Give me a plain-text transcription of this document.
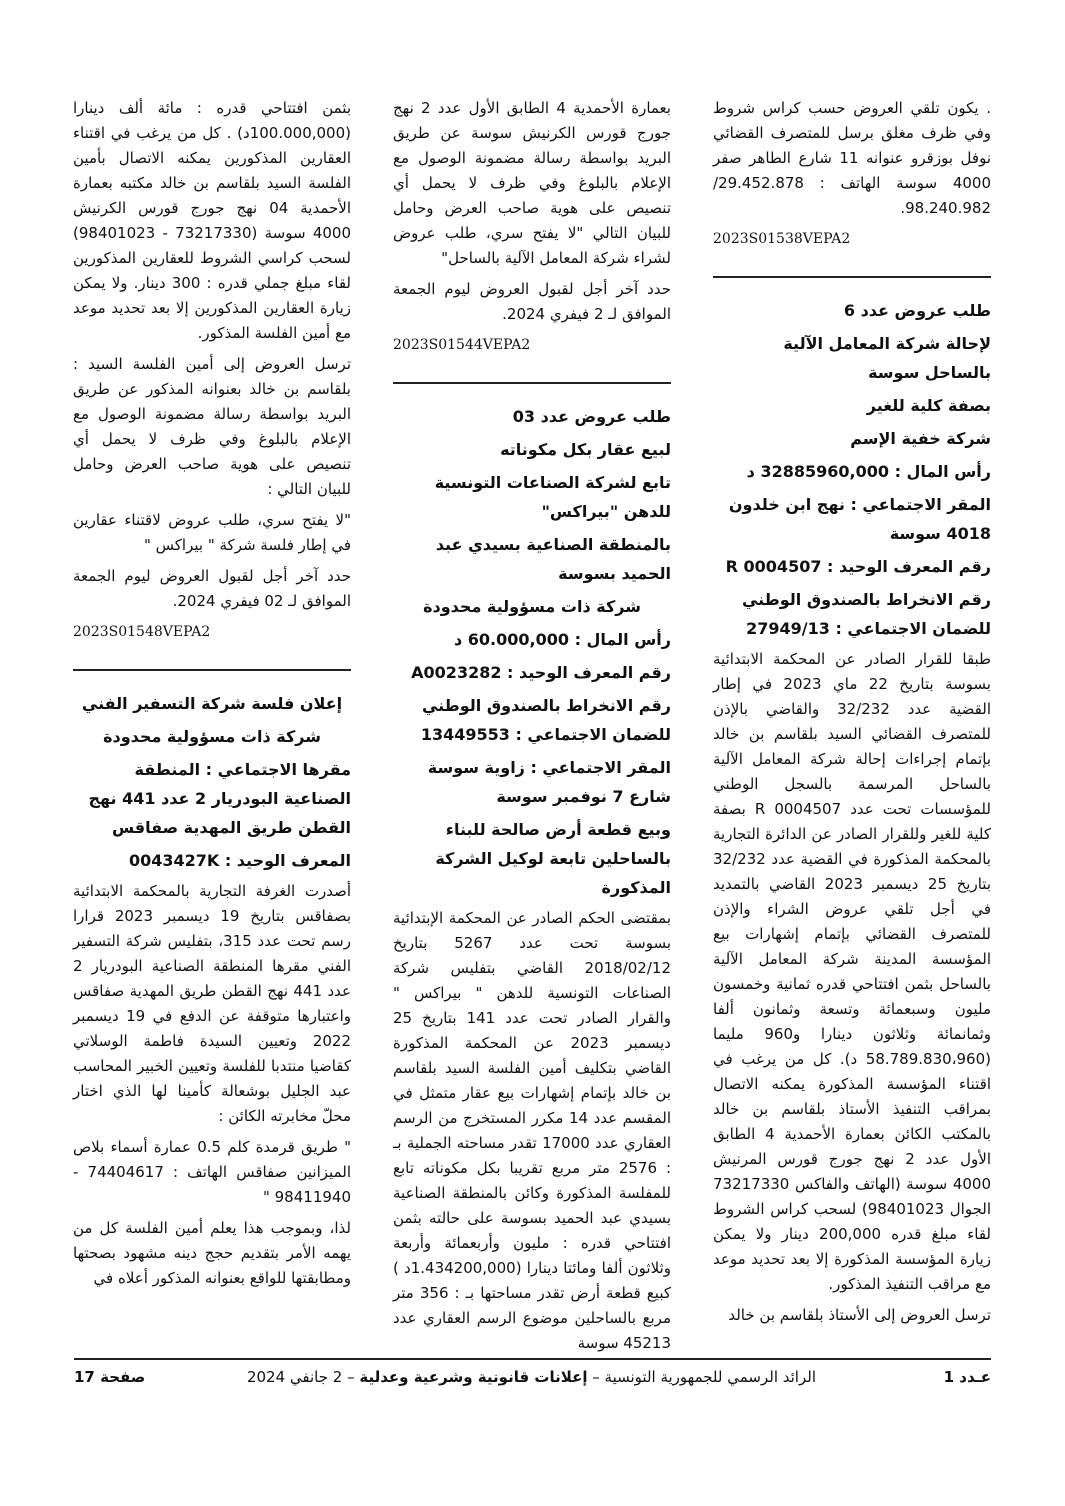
. يكون تلقي العروض حسب كراس شروط وفي ظرف مغلق برسل للمتصرف القضائي نوفل بوزقرو عنوانه 11 شارع الطاهر صفر 4000 سوسة الهاتف : 29.452.878/ 98.240.982.

2023S01538VEPA2

طلب عروض عدد 6
لإحالة شركة المعامل الآلية بالساحل سوسة
بصفة كلية للغير
شركة خفية الإسم
رأس المال : 32885960,000 د
المقر الاجتماعي : نهج ابن خلدون 4018 سوسة
رقم المعرف الوحيد : 0004507 R
رقم الانخراط بالصندوق الوطني للضمان الاجتماعي : 27949/13

طبقا للقرار الصادر عن المحكمة الابتدائية بسوسة بتاريخ 22 ماي 2023 في إطار القضية عدد 32/232 والقاضي بالإذن للمتصرف القضائي السيد بلقاسم بن خالد بإتمام إجراءات إحالة شركة المعامل الآلية بالساحل المرسمة بالسجل الوطني للمؤسسات تحت عدد 0004507 R بصفة كلية للغير وللقرار الصادر عن الدائرة التجارية بالمحكمة المذكورة في القضية عدد 32/232 بتاريخ 25 ديسمبر 2023 القاضي بالتمديد في أجل تلقي عروض الشراء والإذن للمتصرف القضائي بإتمام إشهارات بيع المؤسسة المدينة شركة المعامل الآلية بالساحل بثمن افتتاحي قدره ثمانية وخمسون مليون وسبعمائة وتسعة وثمانون ألفا وثمانمائة وثلاثون دينارا و960 مليما (58.789.830،960 د). كل من يرغب في اقتناء المؤسسة المذكورة يمكنه الاتصال بمراقب التنفيذ الأستاذ بلقاسم بن خالد بالمكتب الكائن بعمارة الأحمدية 4 الطابق الأول عدد 2 نهج جورج قورس المرنيش 4000 سوسة (الهاتف والفاكس 73217330 الجوال 98401023) لسحب كراس الشروط لقاء مبلغ قدره 200,000 دينار ولا يمكن زيارة المؤسسة المذكورة إلا بعد تحديد موعد مع مراقب التنفيذ المذكور.

ترسل العروض إلى الأستاذ بلقاسم بن خالد

بعمارة الأحمدية 4 الطابق الأول عدد 2 نهج جورج قورس الكرنيش سوسة عن طريق البريد بواسطة رسالة مضمونة الوصول مع الإعلام بالبلوغ وفي ظرف لا يحمل أي تنصيص على هوية صاحب العرض وحامل للبيان التالي "لا يفتح سري، طلب عروض لشراء شركة المعامل الآلية بالساحل"

حدد آخر أجل لقبول العروض ليوم الجمعة الموافق لـ 2 فيفري 2024.

2023S01544VEPA2

طلب عروض عدد 03
لبيع عقار بكل مكوناته
تابع لشركة الصناعات التونسية للدهن "بيراكس"
بالمنطقة الصناعية بسيدي عبد الحميد بسوسة
شركة ذات مسؤولية محدودة
رأس المال : 60.000,000 د
رقم المعرف الوحيد : A0023282
رقم الانخراط بالصندوق الوطني للضمان الاجتماعي : 13449553
المقر الاجتماعي : زاوية سوسة شارع 7 نوفمبر سوسة
وبيع قطعة أرض صالحة للبناء بالساحلين تابعة لوكيل الشركة المذكورة

بمقتضى الحكم الصادر عن المحكمة الإبتدائية بسوسة تحت عدد 5267 بتاريخ 2018/02/12 القاضي بتفليس شركة الصناعات التونسية للدهن " بيراكس " والقرار الصادر تحت عدد 141 بتاريخ 25 ديسمبر 2023 عن المحكمة المذكورة القاضي بتكليف أمين الفلسة السيد بلقاسم بن خالد بإتمام إشهارات بيع عقار متمثل في المقسم عدد 14 مكرر المستخرج من الرسم العقاري عدد 17000 تقدر مساحته الجملية بـ : 2576 متر مربع تقريبا بكل مكوناته تابع للمفلسة المذكورة وكائن بالمنطقة الصناعية بسيدي عبد الحميد بسوسة على حالته بثمن افتتاحي قدره : مليون وأربعمائة وأربعة وثلاثون ألفا ومائتا دينارا (1.434200,000د ) كبيع قطعة أرض تقدر مساحتها بـ : 356 متر مربع بالساحلين موضوع الرسم العقاري عدد 45213 سوسة

بثمن افتتاحي قدره : مائة ألف دينارا (100.000,000د) . كل من يرغب في اقتناء العقارين المذكورين يمكنه الاتصال بأمين الفلسة السيد بلقاسم بن خالد مكتبه بعمارة الأحمدية 04 نهج جورج قورس الكرنيش 4000 سوسة (73217330 - 98401023) لسحب كراسي الشروط للعقارين المذكورين لقاء مبلغ جملي قدره : 300 دينار. ولا يمكن زيارة العقارين المذكورين إلا بعد تحديد موعد مع أمين الفلسة المذكور.

ترسل العروض إلى أمين الفلسة السيد : بلقاسم بن خالد بعنوانه المذكور عن طريق البريد بواسطة رسالة مضمونة الوصول مع الإعلام بالبلوغ وفي ظرف لا يحمل أي تنصيص على هوية صاحب العرض وحامل للبيان التالي :

"لا يفتح سري، طلب عروض لاقتناء عقارين في إطار فلسة شركة " بيراكس "

حدد آخر أجل لقبول العروض ليوم الجمعة الموافق لـ 02 فيفري 2024.

2023S01548VEPA2

إعلان فلسة شركة التسفير الفني
شركة ذات مسؤولية محدودة
مقرها الاجتماعي : المنطقة الصناعية البودريار 2 عدد 441 نهج القطن طريق المهدية صفاقس
المعرف الوحيد : 0043427K

أصدرت الغرفة التجارية بالمحكمة الابتدائية بصفاقس بتاريخ 19 ديسمبر 2023 قرارا رسم تحت عدد 315، بتفليس شركة التسفير الفني مقرها المنطقة الصناعية البودريار 2 عدد 441 نهج القطن طريق المهدية صفاقس واعتبارها متوقفة عن الدفع في 19 ديسمبر 2022 وتعيين السيدة فاطمة الوسلاتي كقاضيا منتدبا للفلسة وتعيين الخبير المحاسب عبد الجليل بوشعالة كأمينا لها الذي اختار محلّ مخابرته الكائن :

" طريق قرمدة كلم 0.5 عمارة أسماء بلاص الميزانين صفاقس الهاتف : 74404617 - 98411940 "

لذا، وبموجب هذا يعلم أمين الفلسة كل من يهمه الأمر بتقديم حجج دينه مشهود بصحتها ومطابقتها للواقع بعنوانه المذكور أعلاه في

عـدد 1
الرائد الرسمي للجمهورية التونسية – إعلانات قانونية وشرعية وعدلية – 2 جانفي 2024
صفحة 17
